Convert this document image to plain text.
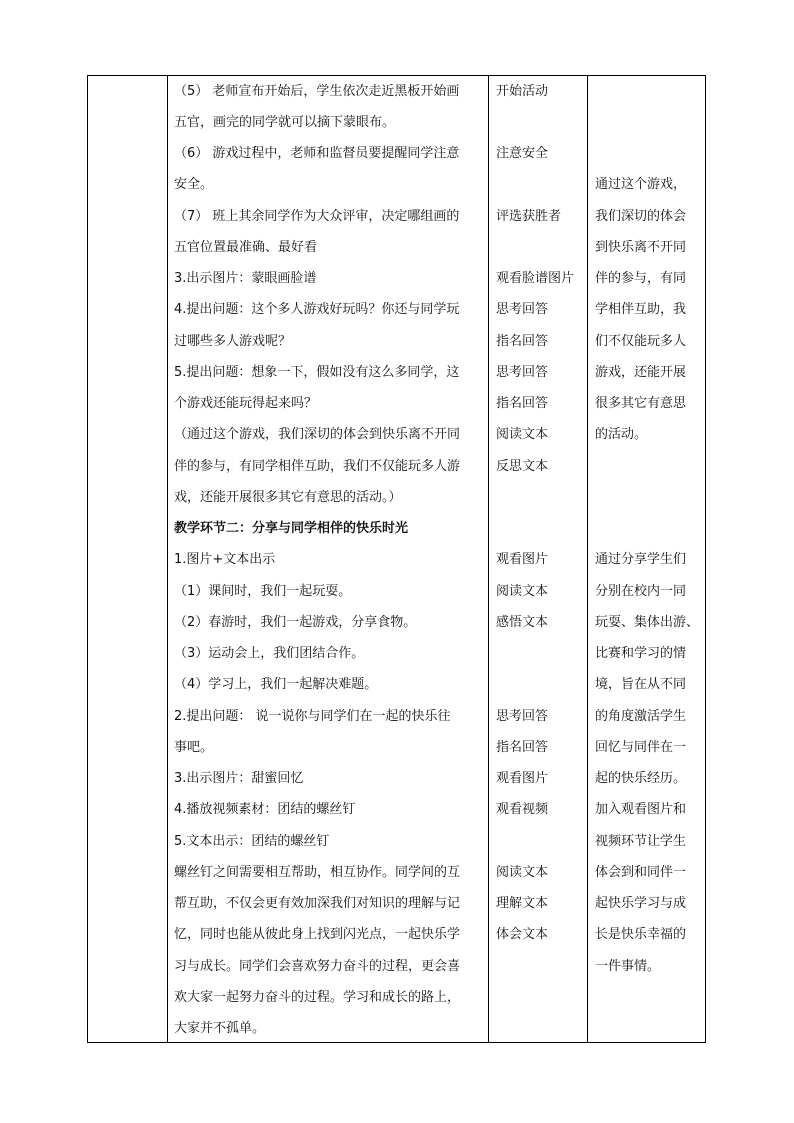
（5） 老师宣布开始后，学生依次走近黑板开始画
五官，画完的同学就可以摘下蒙眼布。
（6） 游戏过程中，老师和监督员要提醒同学注意
安全。
（7） 班上其余同学作为大众评审，决定哪组画的
五官位置最准确、最好看
3.出示图片：蒙眼画脸谱
4.提出问题：这个多人游戏好玩吗？你还与同学玩
过哪些多人游戏呢？
5.提出问题：想象一下，假如没有这么多同学，这
个游戏还能玩得起来吗？
（通过这个游戏，我们深切的体会到快乐离不开同
伴的参与，有同学相伴互助，我们不仅能玩多人游
戏，还能开展很多其它有意思的活动。）
教学环节二：分享与同学相伴的快乐时光
1.图片+文本出示
（1）课间时，我们一起玩耍。
（2）春游时，我们一起游戏，分享食物。
（3）运动会上，我们团结合作。
（4）学习上，我们一起解决难题。
2.提出问题： 说一说你与同学们在一起的快乐往
事吧。
3.出示图片：甜蜜回忆
4.播放视频素材：团结的螺丝钉
5.文本出示：团结的螺丝钉
螺丝钉之间需要相互帮助，相互协作。同学间的互
帮互助，不仅会更有效加深我们对知识的理解与记
忆，同时也能从彼此身上找到闪光点，一起快乐学
习与成长。同学们会喜欢努力奋斗的过程，更会喜
欢大家一起努力奋斗的过程。学习和成长的路上，
大家并不孤单。
开始活动
注意安全
评选获胜者
观看脸谱图片
思考回答
指名回答
思考回答
指名回答
阅读文本
反思文本
观看图片
阅读文本
感悟文本
思考回答
指名回答
观看图片
观看视频
阅读文本
理解文本
体会文本
通过这个游戏，
我们深切的体会
到快乐离不开同
伴的参与，有同
学相伴互助，我
们不仅能玩多人
游戏，还能开展
很多其它有意思
的活动。
通过分享学生们
分别在校内一同
玩耍、集体出游、
比赛和学习的情
境，旨在从不同
的角度激活学生
回忆与同伴在一
起的快乐经历。
加入观看图片和
视频环节让学生
体会到和同伴一
起快乐学习与成
长是快乐幸福的
一件事情。
